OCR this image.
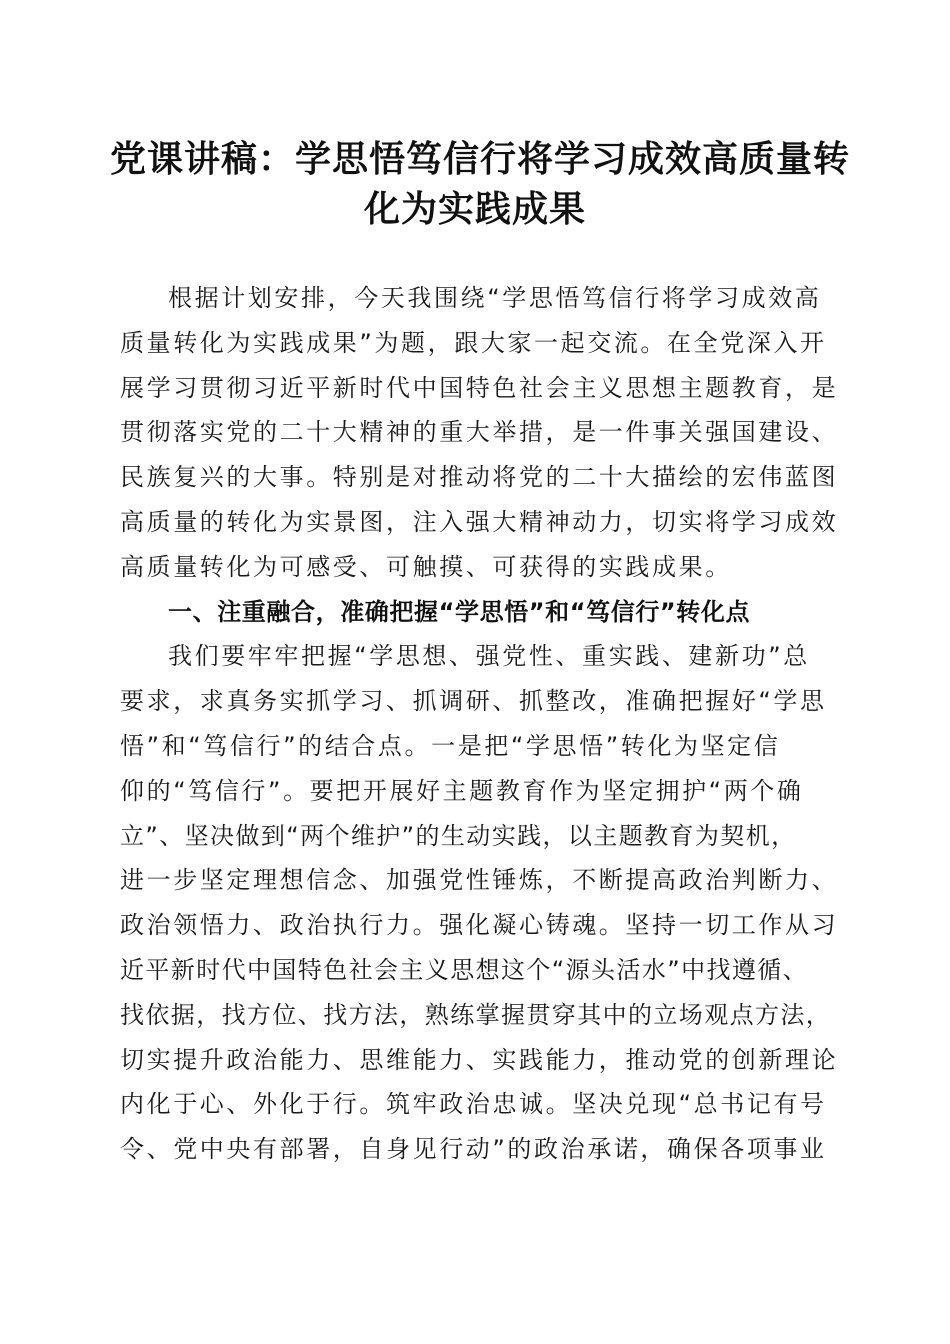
党课讲稿：学思悟笃信行将学习成效高质量转
化为实践成果
根据计划安排，今天我围绕“学思悟笃信行将学习成效高
质量转化为实践成果”为题，跟大家一起交流。在全党深入开
展学习贯彻习近平新时代中国特色社会主义思想主题教育，是
贯彻落实党的二十大精神的重大举措，是一件事关强国建设、
民族复兴的大事。特别是对推动将党的二十大描绘的宏伟蓝图
高质量的转化为实景图，注入强大精神动力，切实将学习成效
高质量转化为可感受、可触摸、可获得的实践成果。
一、注重融合，准确把握“学思悟”和“笃信行”转化点
我们要牢牢把握“学思想、强党性、重实践、建新功”总
要求，求真务实抓学习、抓调研、抓整改，准确把握好“学思
悟”和“笃信行”的结合点。一是把“学思悟”转化为坚定信
仰的“笃信行”。要把开展好主题教育作为坚定拥护“两个确
立”、坚决做到“两个维护”的生动实践，以主题教育为契机，
进一步坚定理想信念、加强党性锤炼，不断提高政治判断力、
政治领悟力、政治执行力。强化凝心铸魂。坚持一切工作从习
近平新时代中国特色社会主义思想这个“源头活水”中找遵循、
找依据，找方位、找方法，熟练掌握贯穿其中的立场观点方法，
切实提升政治能力、思维能力、实践能力，推动党的创新理论
内化于心、外化于行。筑牢政治忠诚。坚决兑现“总书记有号
令、党中央有部署，自身见行动”的政治承诺，确保各项事业
